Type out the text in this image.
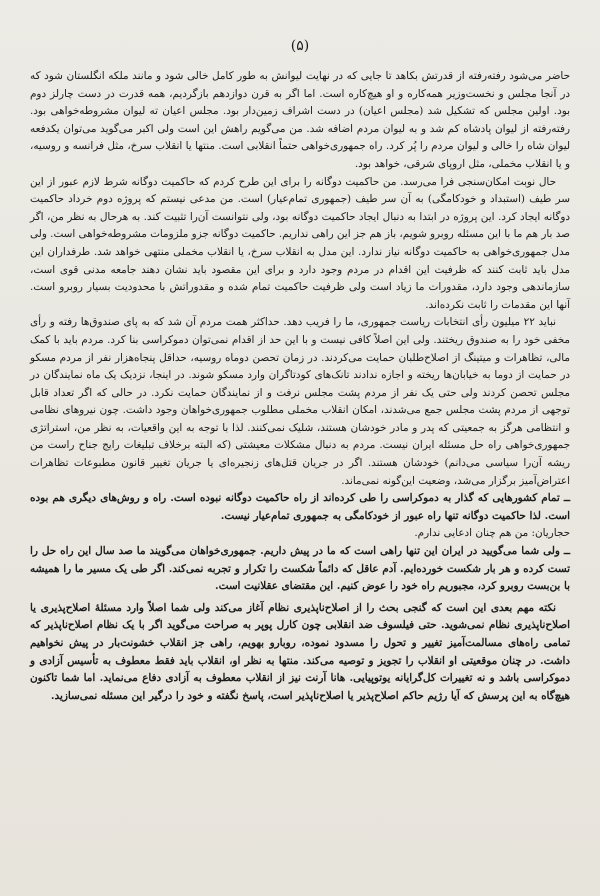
(۵)

حاضر می‌شود رفته‌رفته از قدرتش بکاهد تا جایی که در نهایت لیوانش به طور کامل خالی شود و مانند ملکه انگلستان شود که در آنجا مجلس و نخست‌وزیر همه‌کاره و او هیچ‌کاره است. اما اگر به قرن دوازدهم بازگردیم، همه قدرت در دست چارلز دوم بود. اولین مجلس که تشکیل شد (مجلس اعیان) در دست اشراف زمین‌دار بود. مجلس اعیان ته لیوان مشروطه‌خواهی بود. رفته‌رفته از لیوان پادشاه کم شد و به لیوان مردم اضافه شد. من می‌گویم راهش این است ولی اکبر می‌گوید می‌توان یکدفعه لیوان شاه را خالی و لیوان مردم را پُر کرد. راه جمهوری‌خواهی حتماً انقلابی است. منتها یا انقلاب سرخ، مثل فرانسه و روسیه، و یا انقلاب مخملی، مثل اروپای شرقی، خواهد بود.

حال نوبت امکان‌سنجی فرا می‌رسد. من حاکمیت دوگانه را برای این طرح کردم که حاکمیت دوگانه شرط لازم عبور از این سر طیف (استبداد و خودکامگی) به آن سر طیف (جمهوری تمام‌عیار) است. من مدعی نیستم که پروژه دوم خرداد حاکمیت دوگانه ایجاد کرد. این پروژه در ابتدا به دنبال ایجاد حاکمیت دوگانه بود، ولی نتوانست آن‌را تثبیت کند. به هرحال به نظر من، اگر صد بار هم ما با این مسئله روبرو شویم، باز هم جز این راهی نداریم. حاکمیت دوگانه جزو ملزومات مشروطه‌خواهی است. ولی مدل جمهوری‌خواهی به حاکمیت دوگانه نیاز ندارد. این مدل به انقلاب سرخ، یا انقلاب مخملی منتهی خواهد شد. طرفداران این مدل باید ثابت کنند که ظرفیت این اقدام در مردم وجود دارد و برای این مقصود باید نشان دهند جامعه مدنی قوی است، سازماندهی وجود دارد، مقدورات ما زیاد است ولی ظرفیت حاکمیت تمام شده و مقدوراتش با محدودیت بسیار روبرو است. آنها این مقدمات را ثابت نکرده‌اند.

نباید ۲۲ میلیون رأی انتخابات ریاست جمهوری، ما را فریب دهد. حداکثر همت مردم آن شد که به پای صندوق‌ها رفته و رأی مخفی خود را به صندوق ریختند. ولی این اصلاً کافی نیست و با این حد از اقدام نمی‌توان دموکراسی بنا کرد. مردم باید با کمک مالی، تظاهرات و میتینگ از اصلاح‌طلبان حمایت می‌کردند. در زمان تحصن دوماه روسیه، حداقل پنجاه‌هزار نفر از مردم مسکو در حمایت از دوما به خیابان‌ها ریخته و اجازه ندادند تانک‌های کودتاگران وارد مسکو شوند. در اینجا، نزدیک یک ماه نمایندگان در مجلس تحصن کردند ولی حتی یک نفر از مردم پشت مجلس نرفت و از نمایندگان حمایت نکرد. در حالی که اگر تعداد قابل توجهی از مردم پشت مجلس جمع می‌شدند، امکان انقلاب مخملی مطلوب جمهوری‌خواهان وجود داشت. چون نیروهای نظامی و انتظامی هرگز به جمعیتی که پدر و مادر خودشان هستند، شلیک نمی‌کنند. لذا با توجه به این واقعیات، به نظر من، استراتژی جمهوری‌خواهی راه حل مسئله ایران نیست. مردم به دنبال مشکلات معیشتی (که البته برخلاف تبلیغات رایج جناح راست من ریشه آن‌را سیاسی می‌دانم) خودشان هستند. اگر در جریان قتل‌های زنجیره‌ای یا جریان تغییر قانون مطبوعات تظاهرات اعتراض‌آمیز برگزار می‌شد، وضعیت این‌گونه نمی‌ماند.

ــ تمام کشورهایی که گذار به دموکراسی را طی کرده‌اند از راه حاکمیت دوگانه نبوده است. راه و روش‌های دیگری هم بوده است. لذا حاکمیت دوگانه تنها راه عبور از خودکامگی به جمهوری تمام‌عیار نیست.

حجاریان: من هم چنان ادعایی ندارم.

ــ ولی شما می‌گویید در ایران این تنها راهی است که ما در پیش داریم. جمهوری‌خواهان می‌گویند ما صد سال این راه حل را تست کرده و هر بار شکست خورده‌ایم. آدم عاقل که دائماً شکست را تکرار و تجربه نمی‌کند. اگر طی یک مسیر ما را همیشه با بن‌بست روبرو کرد، مجبوریم راه خود را عوض کنیم. این مقتضای عقلانیت است.

نکته مهم بعدی این است که گنجی بحث را از اصلاح‌ناپذیری نظام آغاز می‌کند ولی شما اصلاً وارد مسئلهٔ اصلاح‌پذیری یا اصلاح‌ناپذیری نظام نمی‌شوید. حتی فیلسوف ضد انقلابی چون کارل پوپر به صراحت می‌گوید اگر با یک نظام اصلاح‌ناپذیر که تمامی راه‌های مسالمت‌آمیز تغییر و تحول را مسدود نموده، روبارو بهویم، راهی جز انقلاب خشونت‌بار در پیش نخواهیم داشت. در چنان موقعیتی او انقلاب را تجویز و توصیه می‌کند. منتها به نظر او، انقلاب باید فقط معطوف به تأسیس آزادی و دموکراسی باشد و نه تغییرات کل‌گرایانه یوتوپیایی. هانا آرنت نیز از انقلاب معطوف به آزادی دفاع می‌نماید. اما شما تاکنون هیچ‌گاه به این پرسش که آیا رژیم حاکم اصلاح‌پذیر یا اصلاح‌ناپذیر است، پاسخ نگفته و خود را درگیر این مسئله نمی‌سازید.
